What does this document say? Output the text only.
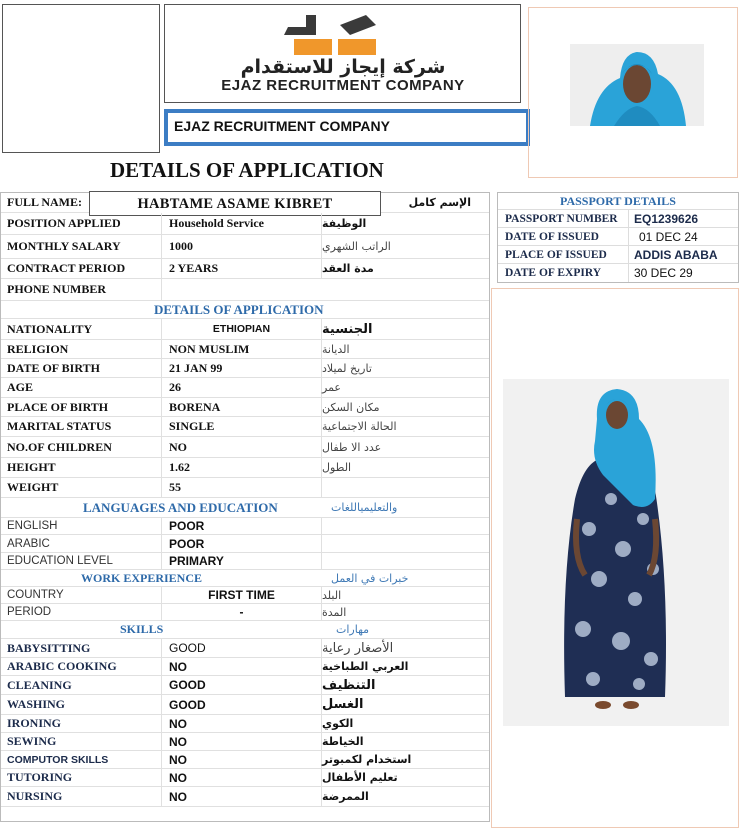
شركة إيجاز للاستقدام
EJAZ RECRUITMENT COMPANY
EJAZ RECRUITMENT COMPANY
DETAILS OF APPLICATION
FULL NAME:	HABTAME ASAME KIBRET	الإسم كامل
POSITION APPLIED	Household Service	الوظيفة
MONTHLY SALARY	1000	الراتب الشهري
CONTRACT PERIOD	2 YEARS	مدة العقد
PHONE NUMBER
DETAILS OF APPLICATION
NATIONALITY	ETHIOPIAN	الجنسية
RELIGION	NON MUSLIM	الديانة
DATE OF BIRTH	21 JAN 99	تاريخ لميلاد
AGE	26	عمر
PLACE OF BIRTH	BORENA	مكان السكن
MARITAL STATUS	SINGLE	الحالة الاجتماعية
NO.OF CHILDREN	NO	عدد الا طفال
HEIGHT	1.62	الطول
WEIGHT	55
LANGUAGES AND EDUCATION	والتعليمياللغات
ENGLISH	POOR
ARABIC	POOR
EDUCATION LEVEL	PRIMARY
WORK EXPERIENCE	خبرات في العمل
COUNTRY	FIRST TIME	البلد
PERIOD	-	المدة
SKILLS	مهارات
BABYSITTING	GOOD	الأصغار رعاية
ARABIC COOKING	NO	العربي الطباخية
CLEANING	GOOD	التنظيف
WASHING	GOOD	الغسل
IRONING	NO	الكوي
SEWING	NO	الخياطة
COMPUTOR SKILLS	NO	استخدام لكمبوتر
TUTORING	NO	تعليم الأطفال
NURSING	NO	الممرضة
PASSPORT DETAILS
PASSPORT NUMBER	EQ1239626
DATE OF ISSUED	01 DEC 24
PLACE OF ISSUED	ADDIS ABABA
DATE OF EXPIRY	30 DEC 29
